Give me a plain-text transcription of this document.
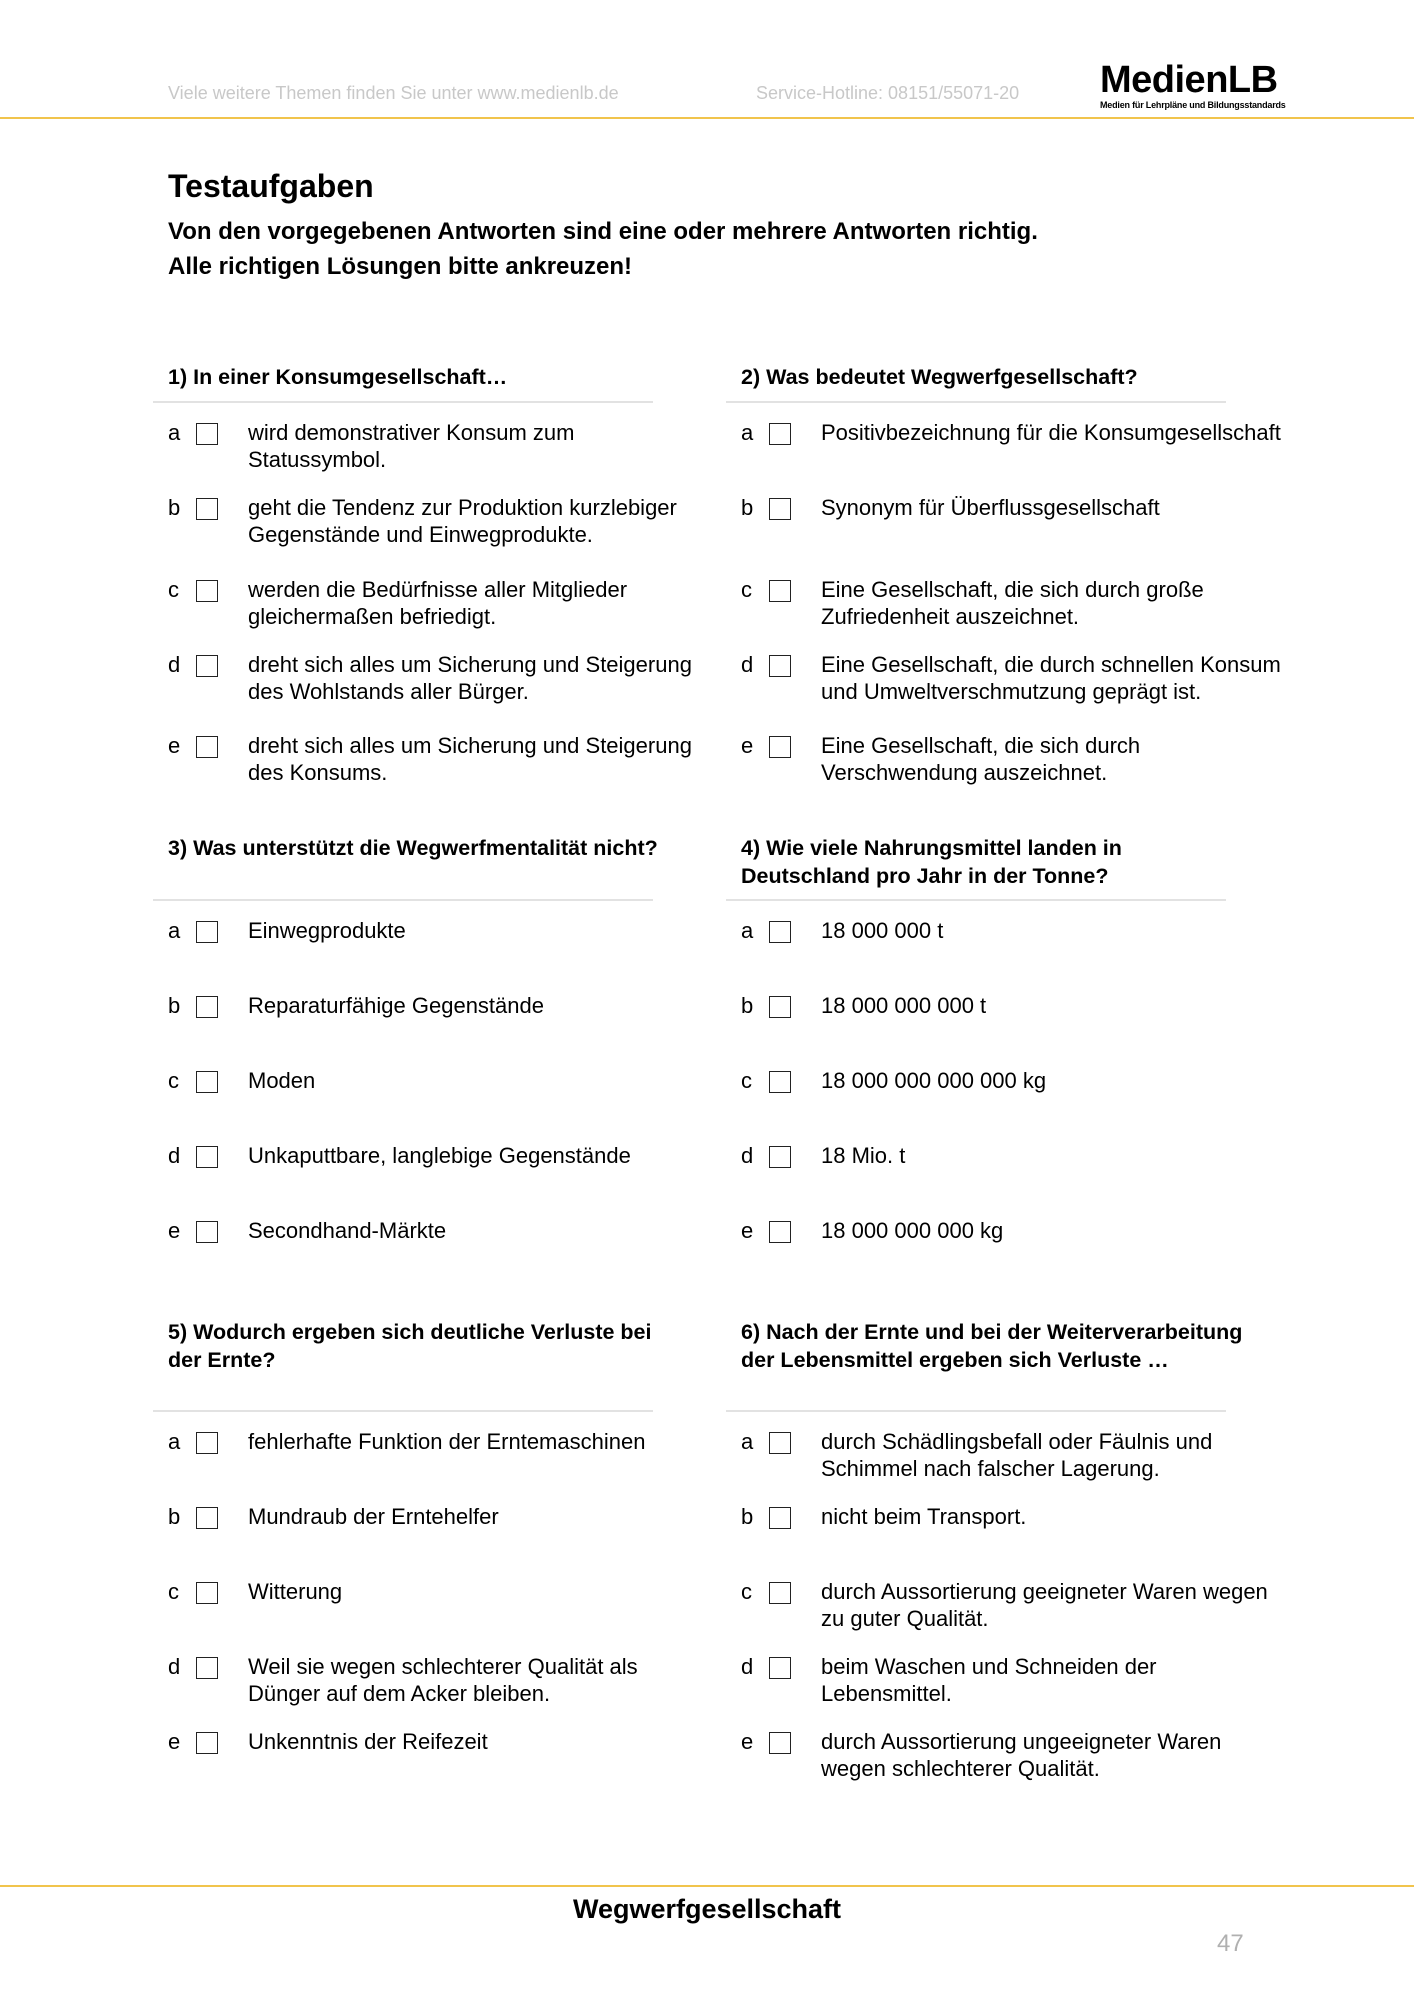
Viele weitere Themen finden Sie unter www.medienlb.de	Service-Hotline: 08151/55071-20 MedienLB
Medien für Lehrpläne und Bildungsstandards
Testaufgaben
Von den vorgegebenen Antworten sind eine oder mehrere Antworten richtig.
Alle richtigen Lösungen bitte ankreuzen!
1) In einer Konsumgesellschaft…
a	wird demonstrativer Konsum zum Statussymbol.
b	geht die Tendenz zur Produktion kurzlebiger Gegenstände und Einwegprodukte.
c	werden die Bedürfnisse aller Mitglieder gleichermaßen befriedigt.
d	dreht sich alles um Sicherung und Steigerung des Wohlstands aller Bürger.
e	dreht sich alles um Sicherung und Steigerung des Konsums.
2) Was bedeutet Wegwerfgesellschaft?
a	Positivbezeichnung für die Konsumgesellschaft
b	Synonym für Überflussgesellschaft
c	Eine Gesellschaft, die sich durch große Zufriedenheit auszeichnet.
d	Eine Gesellschaft, die durch schnellen Konsum und Umweltverschmutzung geprägt ist.
e	Eine Gesellschaft, die sich durch Verschwendung auszeichnet.
3) Was unterstützt die Wegwerfmentalität nicht?
a	Einwegprodukte
b	Reparaturfähige Gegenstände
c	Moden
d	Unkaputtbare, langlebige Gegenstände
e	Secondhand-Märkte
4) Wie viele Nahrungsmittel landen in Deutschland pro Jahr in der Tonne?
a	18 000 000 t
b	18 000 000 000 t
c	18 000 000 000 000 kg
d	18 Mio. t
e	18 000 000 000 kg
5) Wodurch ergeben sich deutliche Verluste bei der Ernte?
a	fehlerhafte Funktion der Erntemaschinen
b	Mundraub der Erntehelfer
c	Witterung
d	Weil sie wegen schlechterer Qualität als Dünger auf dem Acker bleiben.
e	Unkenntnis der Reifezeit
6) Nach der Ernte und bei der Weiterverarbeitung der Lebensmittel ergeben sich Verluste …
a	durch Schädlingsbefall oder Fäulnis und Schimmel nach falscher Lagerung.
b	nicht beim Transport.
c	durch Aussortierung geeigneter Waren wegen zu guter Qualität.
d	beim Waschen und Schneiden der Lebensmittel.
e	durch Aussortierung ungeeigneter Waren wegen schlechterer Qualität.
Wegwerfgesellschaft
47
